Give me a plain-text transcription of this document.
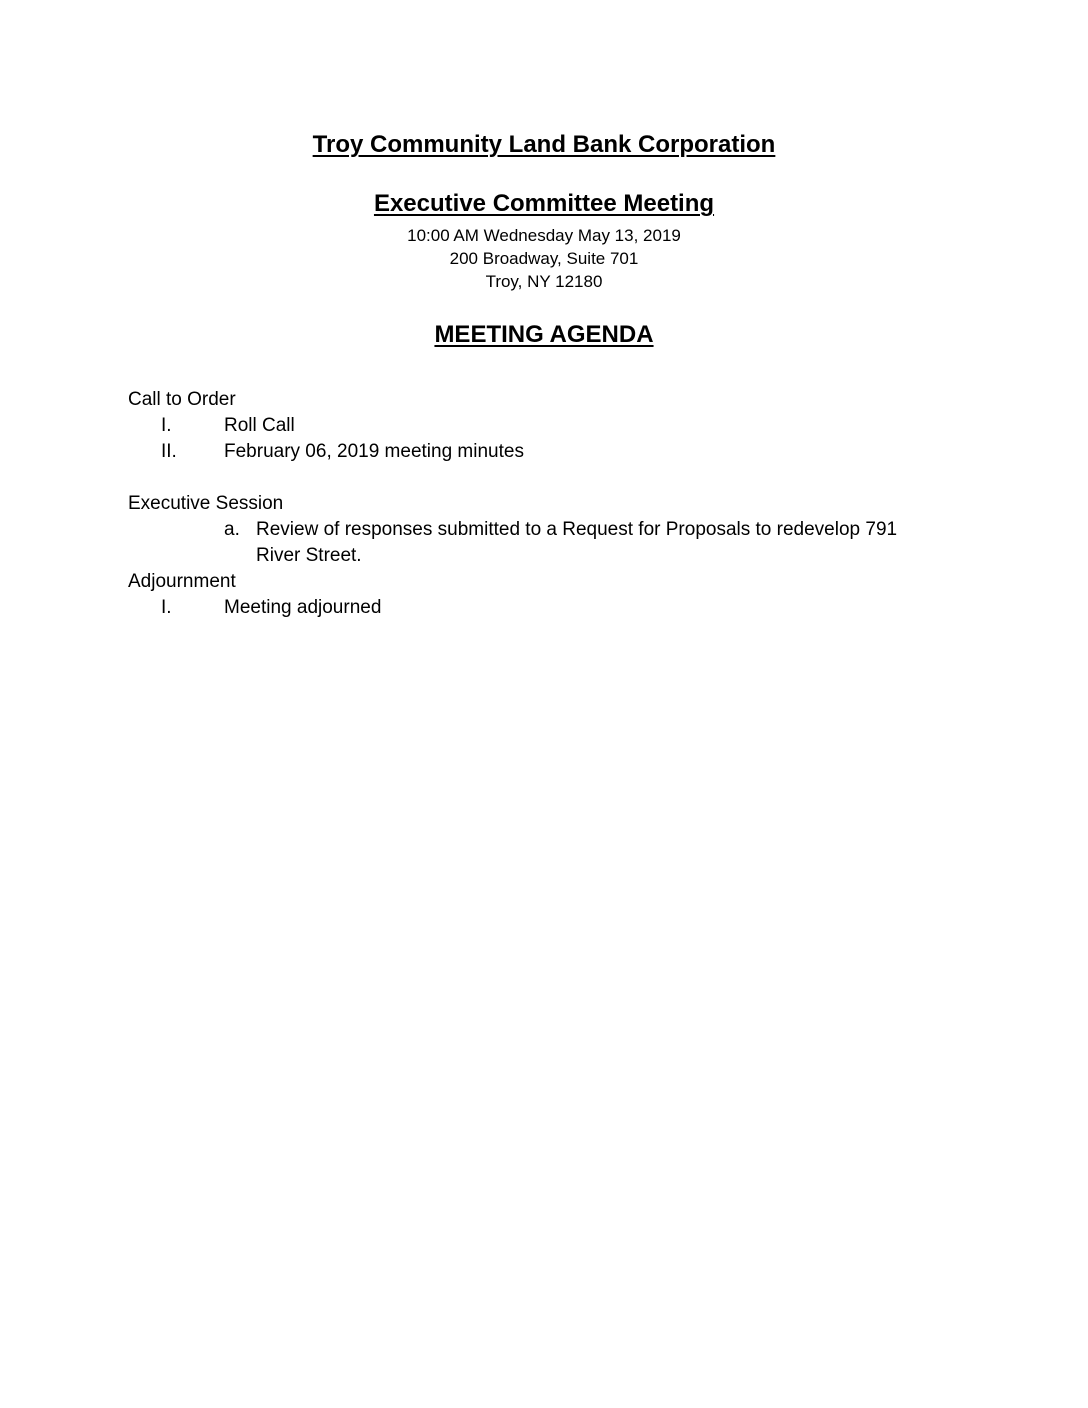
Troy Community Land Bank Corporation
Executive Committee Meeting
10:00 AM Wednesday May 13, 2019
200 Broadway, Suite 701
Troy, NY 12180
MEETING AGENDA
Call to Order
I.	Roll Call
II. February 06, 2019 meeting minutes
Executive Session
a. Review of responses submitted to a Request for Proposals to redevelop 791 River Street.
Adjournment
I.	Meeting adjourned
